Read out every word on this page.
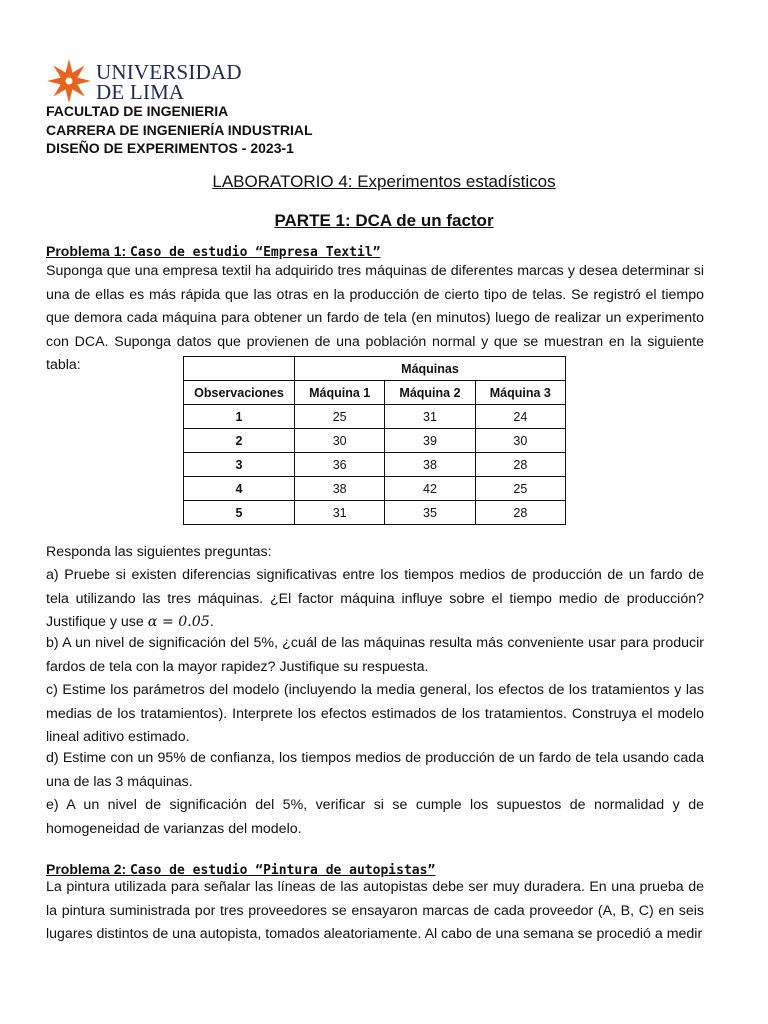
UNIVERSIDAD
DE LIMA
FACULTAD DE INGENIERIA
CARRERA DE INGENIERÍA INDUSTRIAL
DISEÑO DE EXPERIMENTOS - 2023-1
LABORATORIO 4: Experimentos estadísticos
PARTE 1: DCA de un factor
Problema 1: Caso de estudio “Empresa Textil”
Suponga que una empresa textil ha adquirido tres máquinas de diferentes marcas y desea determinar si una de ellas es más rápida que las otras en la producción de cierto tipo de telas. Se registró el tiempo que demora cada máquina para obtener un fardo de tela (en minutos) luego de realizar un experimento con DCA. Suponga datos que provienen de una población normal y que se muestran en la siguiente tabla:
		Máquinas		
Observaciones	Máquina 1	Máquina 2	Máquina 3
1	25	31	24
2	30	39	30
3	36	38	28
4	38	42	25
5	31	35	28
Responda las siguientes preguntas:
a) Pruebe si existen diferencias significativas entre los tiempos medios de producción de un fardo de tela utilizando las tres máquinas. ¿El factor máquina influye sobre el tiempo medio de producción? Justifique y use α = 0.05.
b) A un nivel de significación del 5%, ¿cuál de las máquinas resulta más conveniente usar para producir fardos de tela con la mayor rapidez? Justifique su respuesta.
c) Estime los parámetros del modelo (incluyendo la media general, los efectos de los tratamientos y las medias de los tratamientos). Interprete los efectos estimados de los tratamientos. Construya el modelo lineal aditivo estimado.
d) Estime con un 95% de confianza, los tiempos medios de producción de un fardo de tela usando cada una de las 3 máquinas.
e) A un nivel de significación del 5%, verificar si se cumple los supuestos de normalidad y de homogeneidad de varianzas del modelo.
Problema 2: Caso de estudio “Pintura de autopistas”
La pintura utilizada para señalar las líneas de las autopistas debe ser muy duradera. En una prueba de la pintura suministrada por tres proveedores se ensayaron marcas de cada proveedor (A, B, C) en seis lugares distintos de una autopista, tomados aleatoriamente. Al cabo de una semana se procedió a medir
